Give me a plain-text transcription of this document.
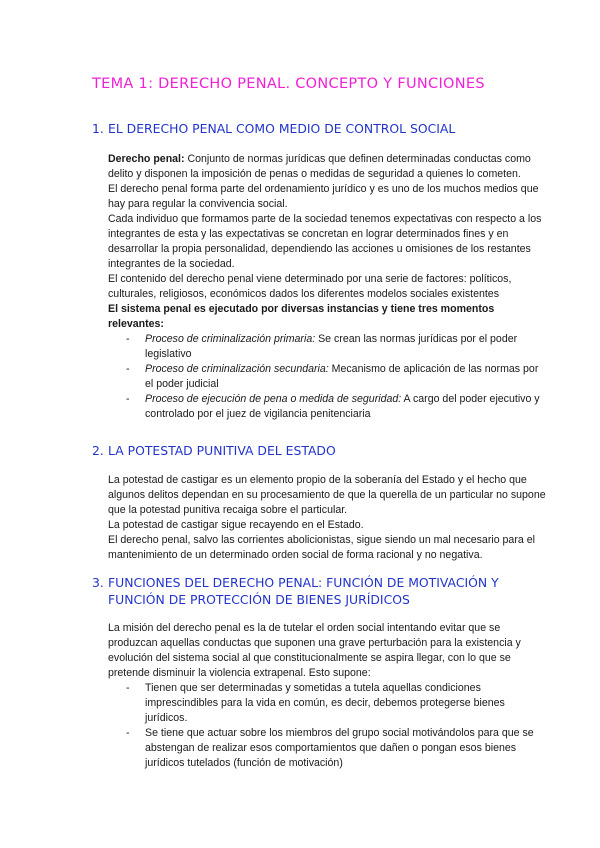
TEMA 1: DERECHO PENAL. CONCEPTO Y FUNCIONES
1. EL DERECHO PENAL COMO MEDIO DE CONTROL SOCIAL

Derecho penal: Conjunto de normas jurídicas que definen determinadas conductas como delito y disponen la imposición de penas o medidas de seguridad a quienes lo cometen.

El derecho penal forma parte del ordenamiento jurídico y es uno de los muchos medios que hay para regular la convivencia social.

Cada individuo que formamos parte de la sociedad tenemos expectativas con respecto a los integrantes de esta y las expectativas se concretan en lograr determinados fines y en desarrollar la propia personalidad, dependiendo las acciones u omisiones de los restantes integrantes de la sociedad.

El contenido del derecho penal viene determinado por una serie de factores: políticos, culturales, religiosos, económicos dados los diferentes modelos sociales existentes

El sistema penal es ejecutado por diversas instancias y tiene tres momentos relevantes:

- Proceso de criminalización primaria: Se crean las normas jurídicas por el poder legislativo
- Proceso de criminalización secundaria: Mecanismo de aplicación de las normas por el poder judicial
- Proceso de ejecución de pena o medida de seguridad: A cargo del poder ejecutivo y controlado por el juez de vigilancia penitenciaria
2. LA POTESTAD PUNITIVA DEL ESTADO

La potestad de castigar es un elemento propio de la soberanía del Estado y el hecho que algunos delitos dependan en su procesamiento de que la querella de un particular no supone que la potestad punitiva recaiga sobre el particular.

La potestad de castigar sigue recayendo en el Estado.

El derecho penal, salvo las corrientes abolicionistas, sigue siendo un mal necesario para el mantenimiento de un determinado orden social de forma racional y no negativa.

3. FUNCIONES DEL DERECHO PENAL: FUNCIÓN DE MOTIVACIÓN Y
FUNCIÓN DE PROTECCIÓN DE BIENES JURÍDICOS

La misión del derecho penal es la de tutelar el orden social intentando evitar que se produzcan aquellas conductas que suponen una grave perturbación para la existencia y evolución del sistema social al que constitucionalmente se aspira llegar, con lo que se pretende disminuir la violencia extrapenal. Esto supone:

- Tienen que ser determinadas y sometidas a tutela aquellas condiciones imprescindibles para la vida en común, es decir, debemos protegerse bienes jurídicos.
- Se tiene que actuar sobre los miembros del grupo social motivándolos para que se abstengan de realizar esos comportamientos que dañen o pongan esos bienes jurídicos tutelados (función de motivación)
